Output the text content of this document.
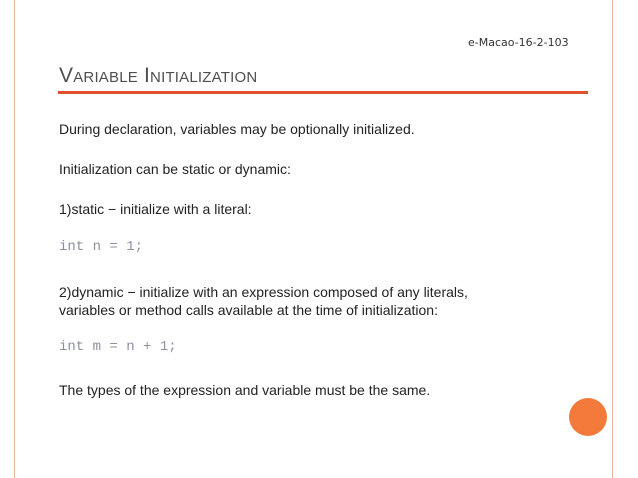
e-Macao-16-2-103
Variable Initialization
During declaration, variables may be optionally initialized.
Initialization can be static or dynamic:
1)static − initialize with a literal:
int n = 1;
2)dynamic − initialize with an expression composed of any literals,
variables or method calls available at the time of initialization:
int m = n + 1;
The types of the expression and variable must be the same.
